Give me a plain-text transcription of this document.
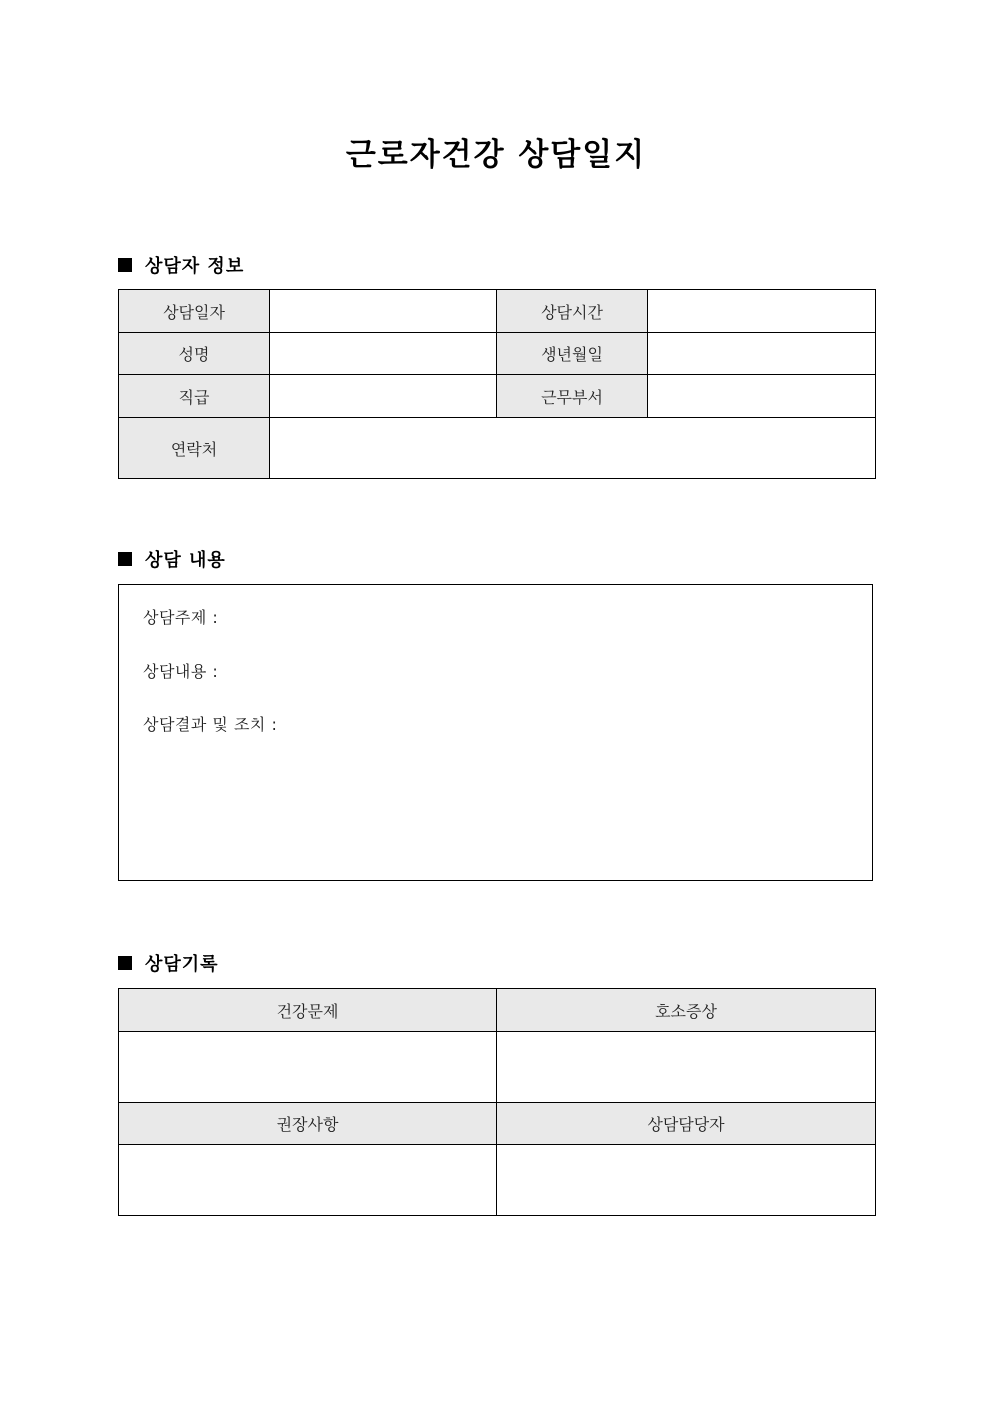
근로자건강 상담일지
상담자 정보
상담일자		상담시간	
성명		생년월일	
직급		근무부서	
연락처			
상담 내용
상담주제 :
상담내용 :
상담결과 및 조치 :
상담기록
건강문제	호소증상

권장사항	상담담당자
